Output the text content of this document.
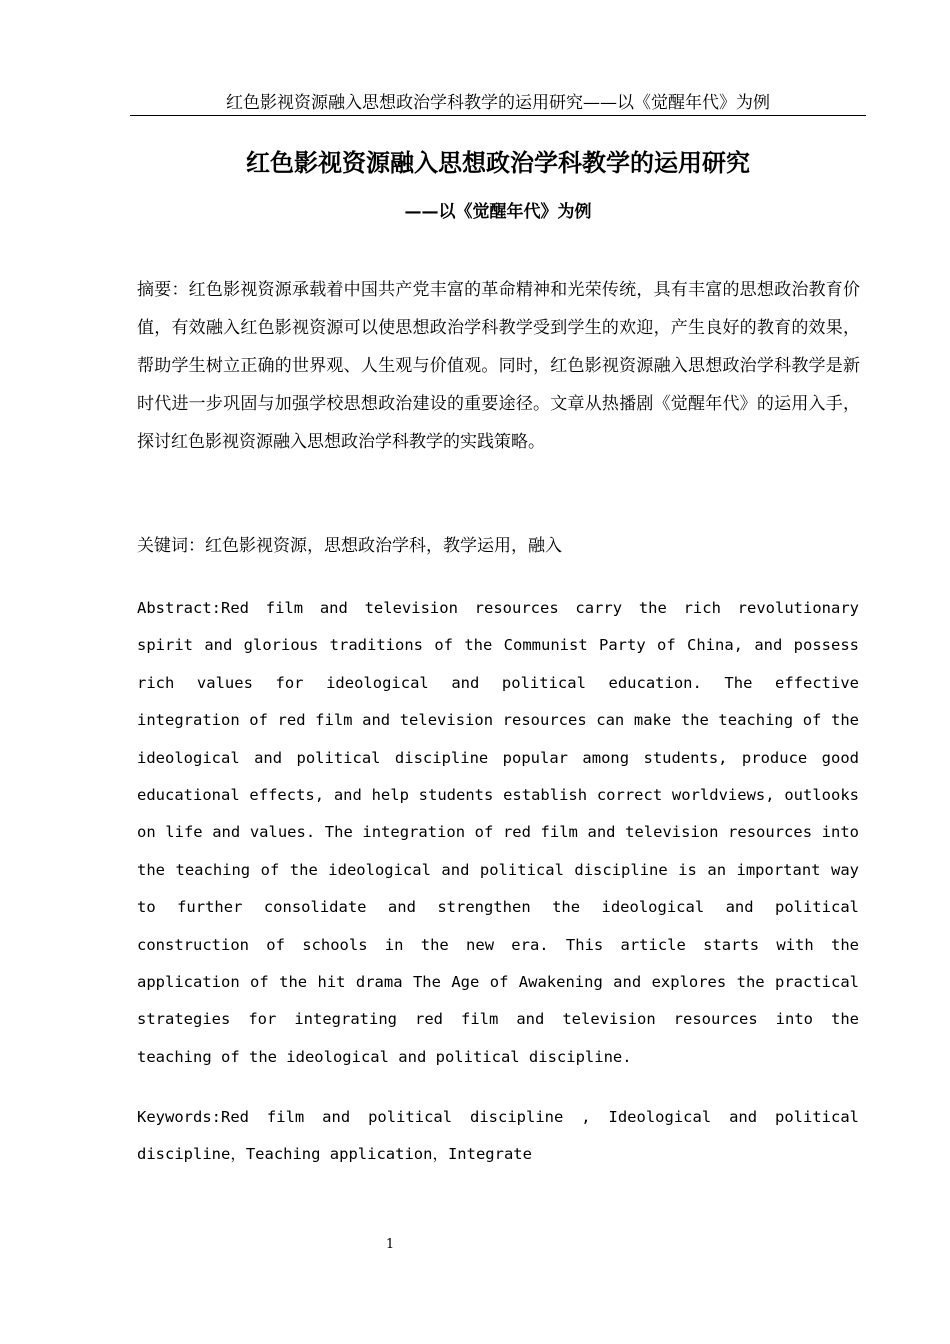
红色影视资源融入思想政治学科教学的运用研究——以《觉醒年代》为例
红色影视资源融入思想政治学科教学的运用研究
——以《觉醒年代》为例

摘要：红色影视资源承载着中国共产党丰富的革命精神和光荣传统，具有丰富的思想政治教育价值，有效融入红色影视资源可以使思想政治学科教学受到学生的欢迎，产生良好的教育的效果，帮助学生树立正确的世界观、人生观与价值观。同时，红色影视资源融入思想政治学科教学是新时代进一步巩固与加强学校思想政治建设的重要途径。文章从热播剧《觉醒年代》的运用入手，探讨红色影视资源融入思想政治学科教学的实践策略。

关键词：红色影视资源，思想政治学科，教学运用，融入

Abstract:Red film and television resources carry the rich revolutionary spirit and glorious traditions of the Communist Party of China, and possess rich values for ideological and political education. The effective integration of red film and television resources can make the teaching of the ideological and political discipline popular among students, produce good educational effects, and help students establish correct worldviews, outlooks on life and values. The integration of red film and television resources into the teaching of the ideological and political discipline is an important way to further consolidate and strengthen the ideological and political construction of schools in the new era. This article starts with the application of the hit drama The Age of Awakening and explores the practical strategies for integrating red film and television resources into the teaching of the ideological and political discipline.

Keywords:Red film and political discipline , Ideological and political discipline，Teaching application，Integrate

1
